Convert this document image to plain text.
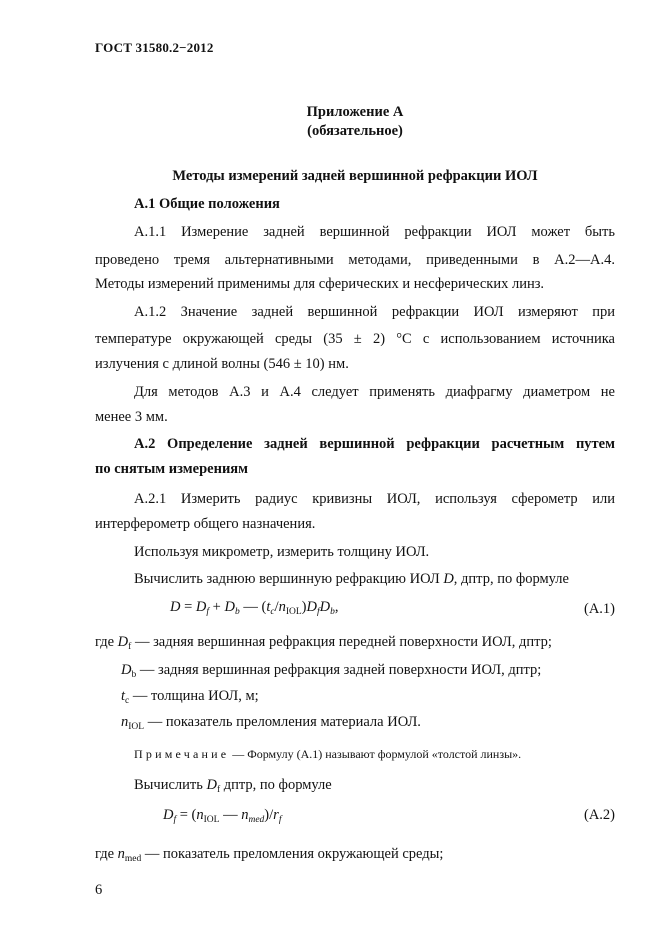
ГОСТ 31580.2−2012
Приложение А
(обязательное)
Методы измерений задней вершинной рефракции ИОЛ
А.1 Общие положения
А.1.1 Измерение задней вершинной рефракции ИОЛ может быть
проведено тремя альтернативными методами, приведенными в А.2—А.4.
Методы измерений применимы для сферических и несферических линз.
А.1.2 Значение задней вершинной рефракции ИОЛ измеряют при
температуре окружающей среды (35 ± 2) °С с использованием источника
излучения с длиной волны (546 ± 10) нм.
Для методов А.3 и А.4 следует применять диафрагму диаметром не
менее 3 мм.
А.2 Определение задней вершинной рефракции расчетным путем
по снятым измерениям
А.2.1 Измерить радиус кривизны ИОЛ, используя сферометр или
интерферометр общего назначения.
Используя микрометр, измерить толщину ИОЛ.
Вычислить заднюю вершинную рефракцию ИОЛ D, дптр, по формуле
$D = D_f + D_b$ — $(t_c/n_{IOL})D_fD_b$,	(А.1)
где $D_f$ — задняя вершинная рефракция передней поверхности ИОЛ, дптр;
$D_b$ — задняя вершинная рефракция задней поверхности ИОЛ, дптр;
$t_c$ — толщина ИОЛ, м;
$n_{IOL}$ — показатель преломления материала ИОЛ.
Примечание — Формулу (А.1) называют формулой «толстой линзы».
Вычислить $D_f$ дптр, по формуле
$D_f = (n_{IOL}$ — $n_{med})/r_f$	(А.2)
где $n_{med}$ — показатель преломления окружающей среды;
6
